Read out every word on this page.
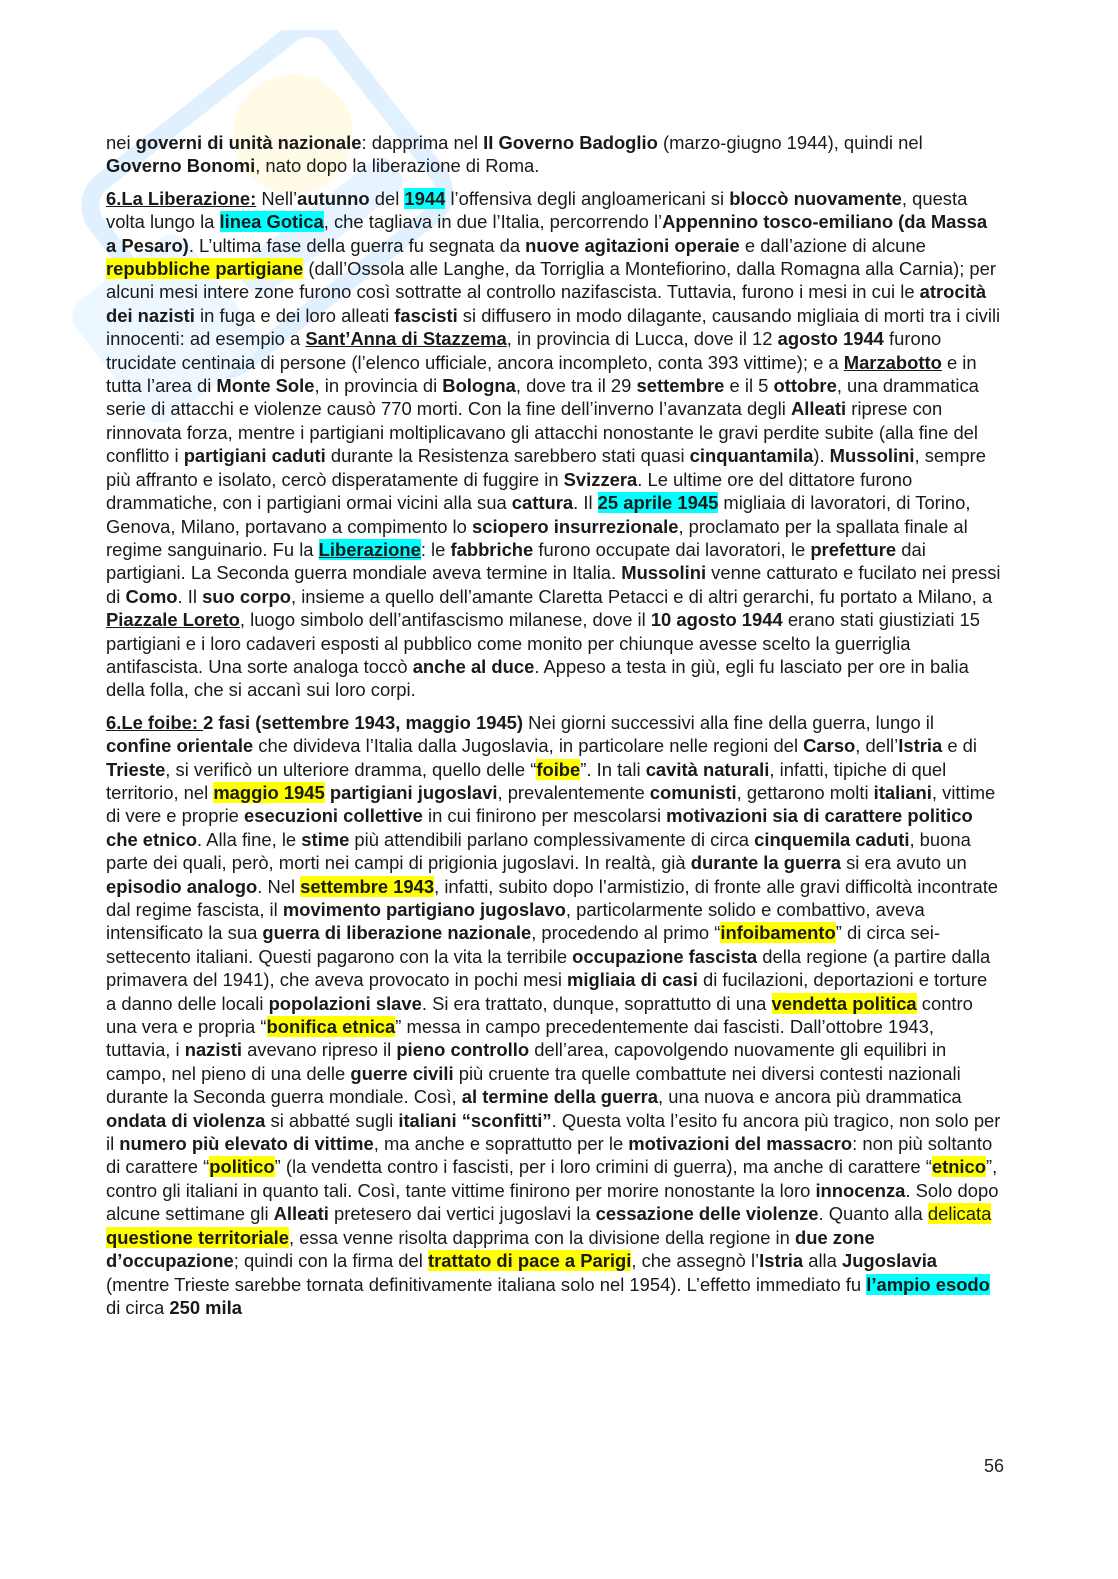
nei governi di unità nazionale: dapprima nel II Governo Badoglio (marzo-giugno 1944), quindi nel Governo Bonomi, nato dopo la liberazione di Roma.

6.La Liberazione: Nell’autunno del 1944 l’offensiva degli angloamericani si bloccò nuovamente, questa volta lungo la linea Gotica, che tagliava in due l’Italia, percorrendo l’Appennino tosco-emiliano (da Massa a Pesaro). L’ultima fase della guerra fu segnata da nuove agitazioni operaie e dall’azione di alcune repubbliche partigiane (dall’Ossola alle Langhe, da Torriglia a Montefiorino, dalla Romagna alla Carnia); per alcuni mesi intere zone furono così sottratte al controllo nazifascista. Tuttavia, furono i mesi in cui le atrocità dei nazisti in fuga e dei loro alleati fascisti si diffusero in modo dilagante, causando migliaia di morti tra i civili innocenti: ad esempio a Sant’Anna di Stazzema, in provincia di Lucca, dove il 12 agosto 1944 furono trucidate centinaia di persone (l’elenco ufficiale, ancora incompleto, conta 393 vittime); e a Marzabotto e in tutta l’area di Monte Sole, in provincia di Bologna, dove tra il 29 settembre e il 5 ottobre, una drammatica serie di attacchi e violenze causò 770 morti. Con la fine dell’inverno l’avanzata degli Alleati riprese con rinnovata forza, mentre i partigiani moltiplicavano gli attacchi nonostante le gravi perdite subite (alla fine del conflitto i partigiani caduti durante la Resistenza sarebbero stati quasi cinquantamila). Mussolini, sempre più affranto e isolato, cercò disperatamente di fuggire in Svizzera. Le ultime ore del dittatore furono drammatiche, con i partigiani ormai vicini alla sua cattura. Il 25 aprile 1945 migliaia di lavoratori, di Torino, Genova, Milano, portavano a compimento lo sciopero insurrezionale, proclamato per la spallata finale al regime sanguinario. Fu la Liberazione: le fabbriche furono occupate dai lavoratori, le prefetture dai partigiani. La Seconda guerra mondiale aveva termine in Italia. Mussolini venne catturato e fucilato nei pressi di Como. Il suo corpo, insieme a quello dell’amante Claretta Petacci e di altri gerarchi, fu portato a Milano, a Piazzale Loreto, luogo simbolo dell’antifascismo milanese, dove il 10 agosto 1944 erano stati giustiziati 15 partigiani e i loro cadaveri esposti al pubblico come monito per chiunque avesse scelto la guerriglia antifascista. Una sorte analoga toccò anche al duce. Appeso a testa in giù, egli fu lasciato per ore in balia della folla, che si accanì sui loro corpi.

6.Le foibe: 2 fasi (settembre 1943, maggio 1945) Nei giorni successivi alla fine della guerra, lungo il confine orientale che divideva l’Italia dalla Jugoslavia, in particolare nelle regioni del Carso, dell’Istria e di Trieste, si verificò un ulteriore dramma, quello delle “foibe”. In tali cavità naturali, infatti, tipiche di quel territorio, nel maggio 1945 partigiani jugoslavi, prevalentemente comunisti, gettarono molti italiani, vittime di vere e proprie esecuzioni collettive in cui finirono per mescolarsi motivazioni sia di carattere politico che etnico. Alla fine, le stime più attendibili parlano complessivamente di circa cinquemila caduti, buona parte dei quali, però, morti nei campi di prigionia jugoslavi. In realtà, già durante la guerra si era avuto un episodio analogo. Nel settembre 1943, infatti, subito dopo l’armistizio, di fronte alle gravi difficoltà incontrate dal regime fascista, il movimento partigiano jugoslavo, particolarmente solido e combattivo, aveva intensificato la sua guerra di liberazione nazionale, procedendo al primo “infoibamento” di circa sei-settecento italiani. Questi pagarono con la vita la terribile occupazione fascista della regione (a partire dalla primavera del 1941), che aveva provocato in pochi mesi migliaia di casi di fucilazioni, deportazioni e torture a danno delle locali popolazioni slave. Si era trattato, dunque, soprattutto di una vendetta politica contro una vera e propria “bonifica etnica” messa in campo precedentemente dai fascisti. Dall’ottobre 1943, tuttavia, i nazisti avevano ripreso il pieno controllo dell’area, capovolgendo nuovamente gli equilibri in campo, nel pieno di una delle guerre civili più cruente tra quelle combattute nei diversi contesti nazionali durante la Seconda guerra mondiale. Così, al termine della guerra, una nuova e ancora più drammatica ondata di violenza si abbatté sugli italiani “sconfitti”. Questa volta l’esito fu ancora più tragico, non solo per il numero più elevato di vittime, ma anche e soprattutto per le motivazioni del massacro: non più soltanto di carattere “politico” (la vendetta contro i fascisti, per i loro crimini di guerra), ma anche di carattere “etnico”, contro gli italiani in quanto tali. Così, tante vittime finirono per morire nonostante la loro innocenza. Solo dopo alcune settimane gli Alleati pretesero dai vertici jugoslavi la cessazione delle violenze. Quanto alla delicata questione territoriale, essa venne risolta dapprima con la divisione della regione in due zone d’occupazione; quindi con la firma del trattato di pace a Parigi, che assegnò l’Istria alla Jugoslavia (mentre Trieste sarebbe tornata definitivamente italiana solo nel 1954). L’effetto immediato fu l’ampio esodo di circa 250 mila

56
